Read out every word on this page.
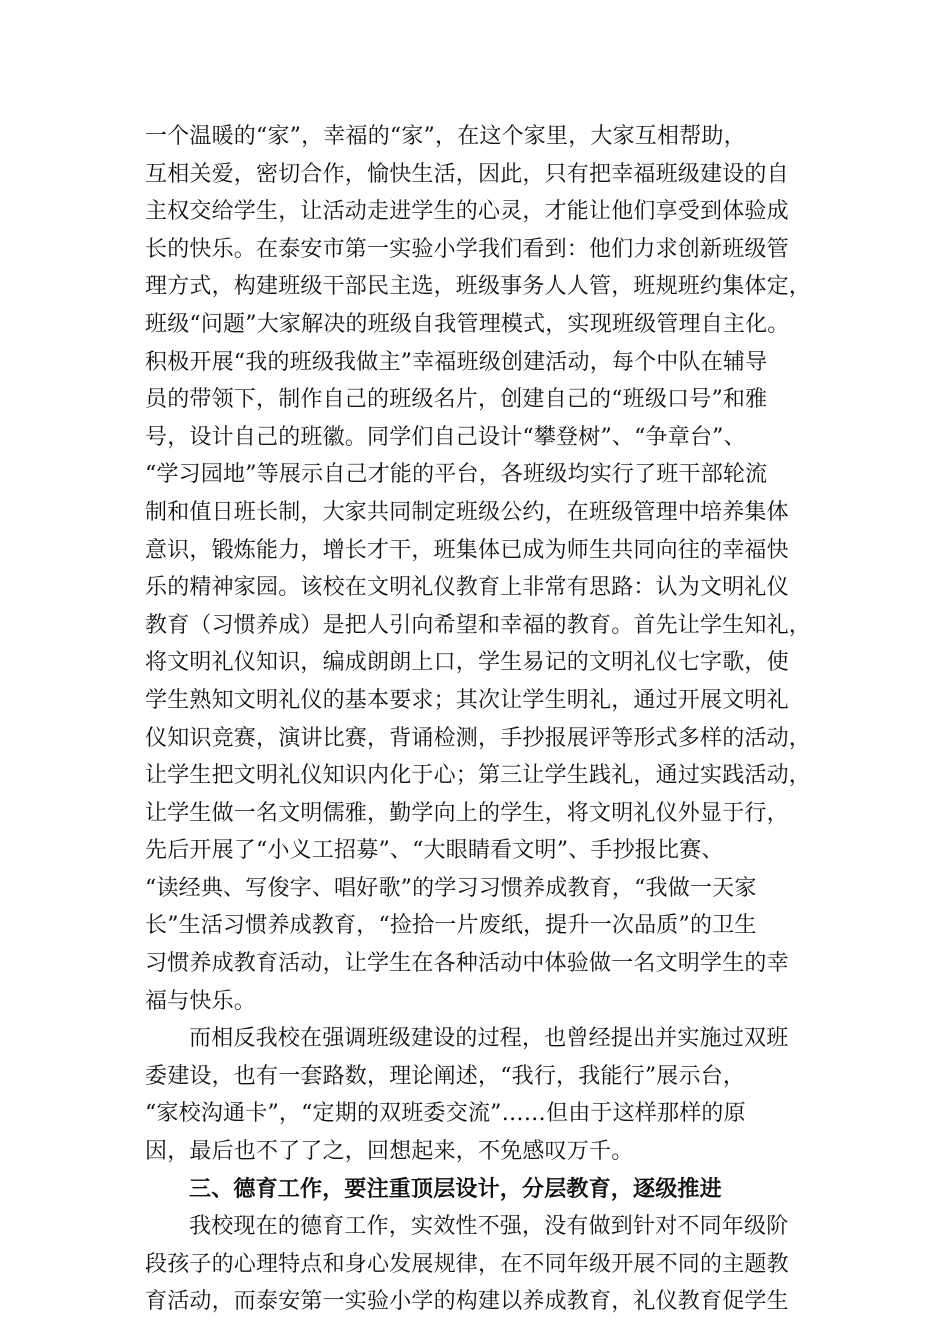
一个温暖的“家”，幸福的“家”，在这个家里，大家互相帮助，
互相关爱，密切合作，愉快生活，因此，只有把幸福班级建设的自
主权交给学生，让活动走进学生的心灵，才能让他们享受到体验成
长的快乐。在泰安市第一实验小学我们看到：他们力求创新班级管
理方式，构建班级干部民主选，班级事务人人管，班规班约集体定，
班级“问题”大家解决的班级自我管理模式，实现班级管理自主化。
积极开展“我的班级我做主”幸福班级创建活动，每个中队在辅导
员的带领下，制作自己的班级名片，创建自己的“班级口号”和雅
号，设计自己的班徽。同学们自己设计“攀登树”、“争章台”、
“学习园地”等展示自己才能的平台，各班级均实行了班干部轮流
制和值日班长制，大家共同制定班级公约，在班级管理中培养集体
意识，锻炼能力，增长才干，班集体已成为师生共同向往的幸福快
乐的精神家园。该校在文明礼仪教育上非常有思路：认为文明礼仪
教育（习惯养成）是把人引向希望和幸福的教育。首先让学生知礼，
将文明礼仪知识，编成朗朗上口，学生易记的文明礼仪七字歌，使
学生熟知文明礼仪的基本要求；其次让学生明礼，通过开展文明礼
仪知识竞赛，演讲比赛，背诵检测，手抄报展评等形式多样的活动，
让学生把文明礼仪知识内化于心；第三让学生践礼，通过实践活动，
让学生做一名文明儒雅，勤学向上的学生，将文明礼仪外显于行，
先后开展了“小义工招募”、“大眼睛看文明”、手抄报比赛、
“读经典、写俊字、唱好歌”的学习习惯养成教育，“我做一天家
长”生活习惯养成教育，“捡拾一片废纸，提升一次品质”的卫生
习惯养成教育活动，让学生在各种活动中体验做一名文明学生的幸
福与快乐。
而相反我校在强调班级建设的过程，也曾经提出并实施过双班
委建设，也有一套路数，理论阐述，“我行，我能行”展示台，
“家校沟通卡”，“定期的双班委交流”……但由于这样那样的原
因，最后也不了了之，回想起来，不免感叹万千。
三、德育工作，要注重顶层设计，分层教育，逐级推进
我校现在的德育工作，实效性不强，没有做到针对不同年级阶
段孩子的心理特点和身心发展规律，在不同年级开展不同的主题教
育活动，而泰安第一实验小学的构建以养成教育，礼仪教育促学生
